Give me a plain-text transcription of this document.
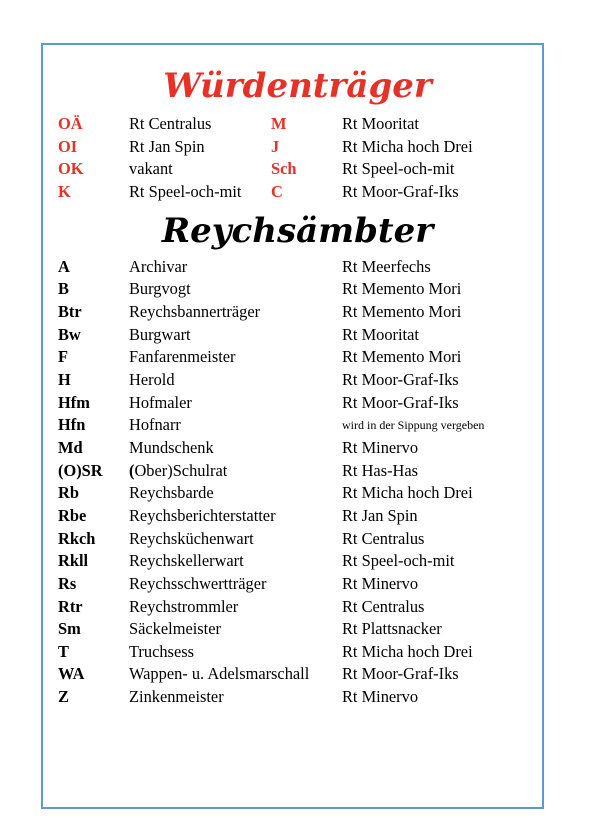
Würdenträger
OÄ	Rt Centralus	M	Rt Mooritat
OI	Rt Jan Spin	J	Rt Micha hoch Drei
OK	vakant	Sch	Rt Speel-och-mit
K	Rt Speel-och-mit C	Rt Moor-Graf-Iks
Reychsämbter
A	Archivar	Rt Meerfechs
B	Burgvogt	Rt Memento Mori
Btr	Reychsbannerträger	Rt Memento Mori
Bw	Burgwart	Rt Mooritat
F	Fanfarenmeister	Rt Memento Mori
H	Herold	Rt Moor-Graf-Iks
Hfm Hofmaler	Rt Moor-Graf-Iks
Hfn	Hofnarr	wird in der Sippung vergeben
Md	Mundschenk	Rt Minervo
(O)SR (Ober)Schulrat	Rt Has-Has
Rb	Reychsbarde	Rt Micha hoch Drei
Rbe	Reychsberichterstatter	Rt Jan Spin
Rkch Reychsküchenwart	Rt Centralus
Rkll Reychskellerwart	Rt Speel-och-mit
Rs	Reychsschwertträger	Rt Minervo
Rtr	Reychstrommler	Rt Centralus
Sm	Säckelmeister	Rt Plattsnacker
T	Truchsess	Rt Micha hoch Drei
WA	Wappen- u. Adelsmarschall Rt Moor-Graf-Iks
Z	Zinkenmeister	Rt Minervo
